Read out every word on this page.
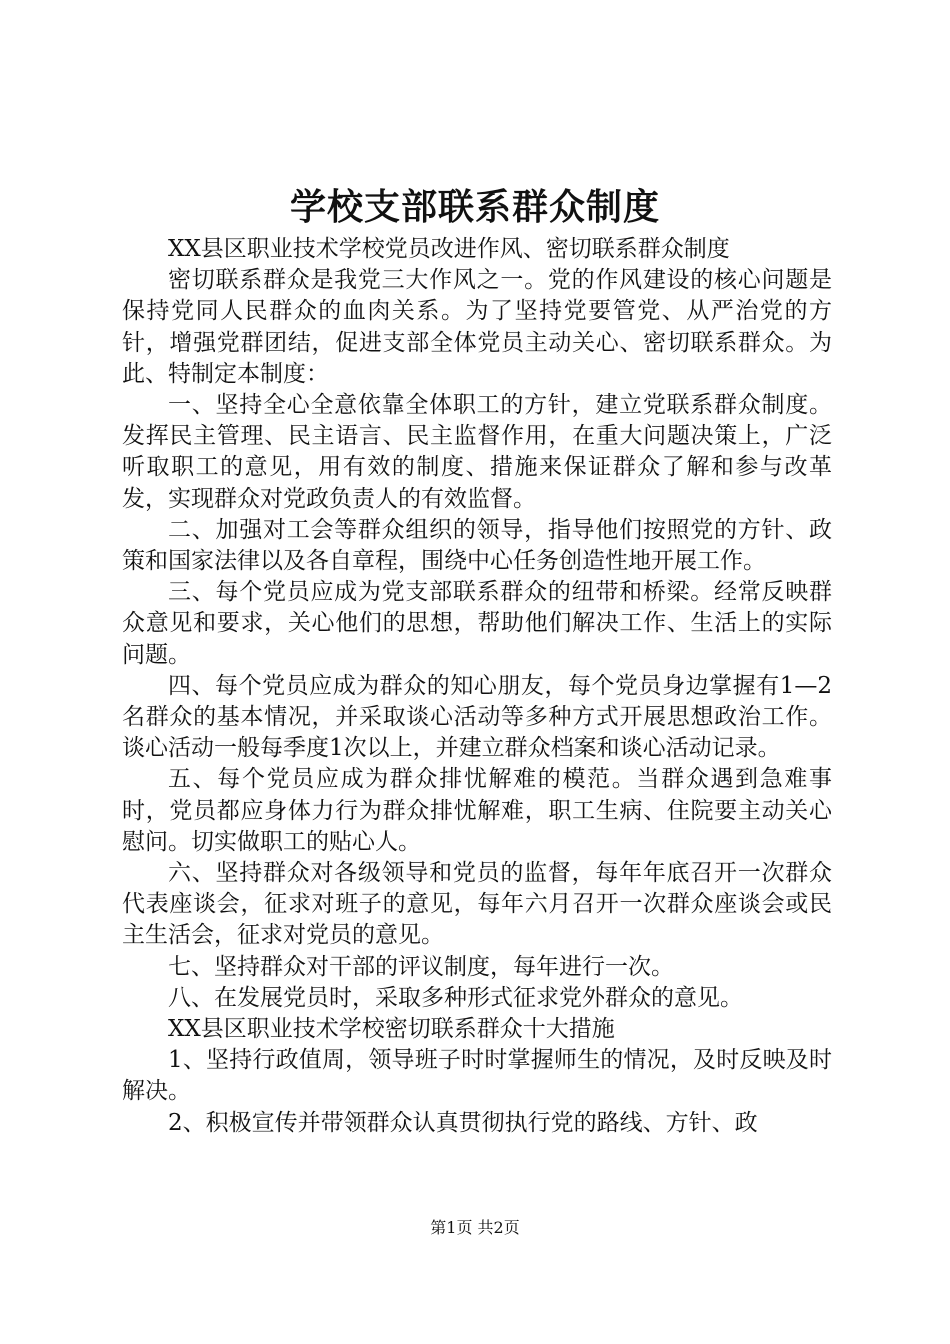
学校支部联系群众制度

XX县区职业技术学校党员改进作风、密切联系群众制度

密切联系群众是我党三大作风之一。党的作风建设的核心问题是保持党同人民群众的血肉关系。为了坚持党要管党、从严治党的方针，增强党群团结，促进支部全体党员主动关心、密切联系群众。为此、特制定本制度：

一、坚持全心全意依靠全体职工的方针，建立党联系群众制度。发挥民主管理、民主语言、民主监督作用，在重大问题决策上，广泛听取职工的意见，用有效的制度、措施来保证群众了解和参与改革发，实现群众对党政负责人的有效监督。

二、加强对工会等群众组织的领导，指导他们按照党的方针、政策和国家法律以及各自章程，围绕中心任务创造性地开展工作。

三、每个党员应成为党支部联系群众的纽带和桥梁。经常反映群众意见和要求，关心他们的思想，帮助他们解决工作、生活上的实际问题。

四、每个党员应成为群众的知心朋友，每个党员身边掌握有1—2名群众的基本情况，并采取谈心活动等多种方式开展思想政治工作。谈心活动一般每季度1次以上，并建立群众档案和谈心活动记录。

五、每个党员应成为群众排忧解难的模范。当群众遇到急难事时，党员都应身体力行为群众排忧解难，职工生病、住院要主动关心慰问。切实做职工的贴心人。

六、坚持群众对各级领导和党员的监督，每年年底召开一次群众代表座谈会，征求对班子的意见，每年六月召开一次群众座谈会或民主生活会，征求对党员的意见。

七、坚持群众对干部的评议制度，每年进行一次。

八、在发展党员时，采取多种形式征求党外群众的意见。

XX县区职业技术学校密切联系群众十大措施

1、坚持行政值周，领导班子时时掌握师生的情况，及时反映及时解决。

2、积极宣传并带领群众认真贯彻执行党的路线、方针、政

第1页 共2页
